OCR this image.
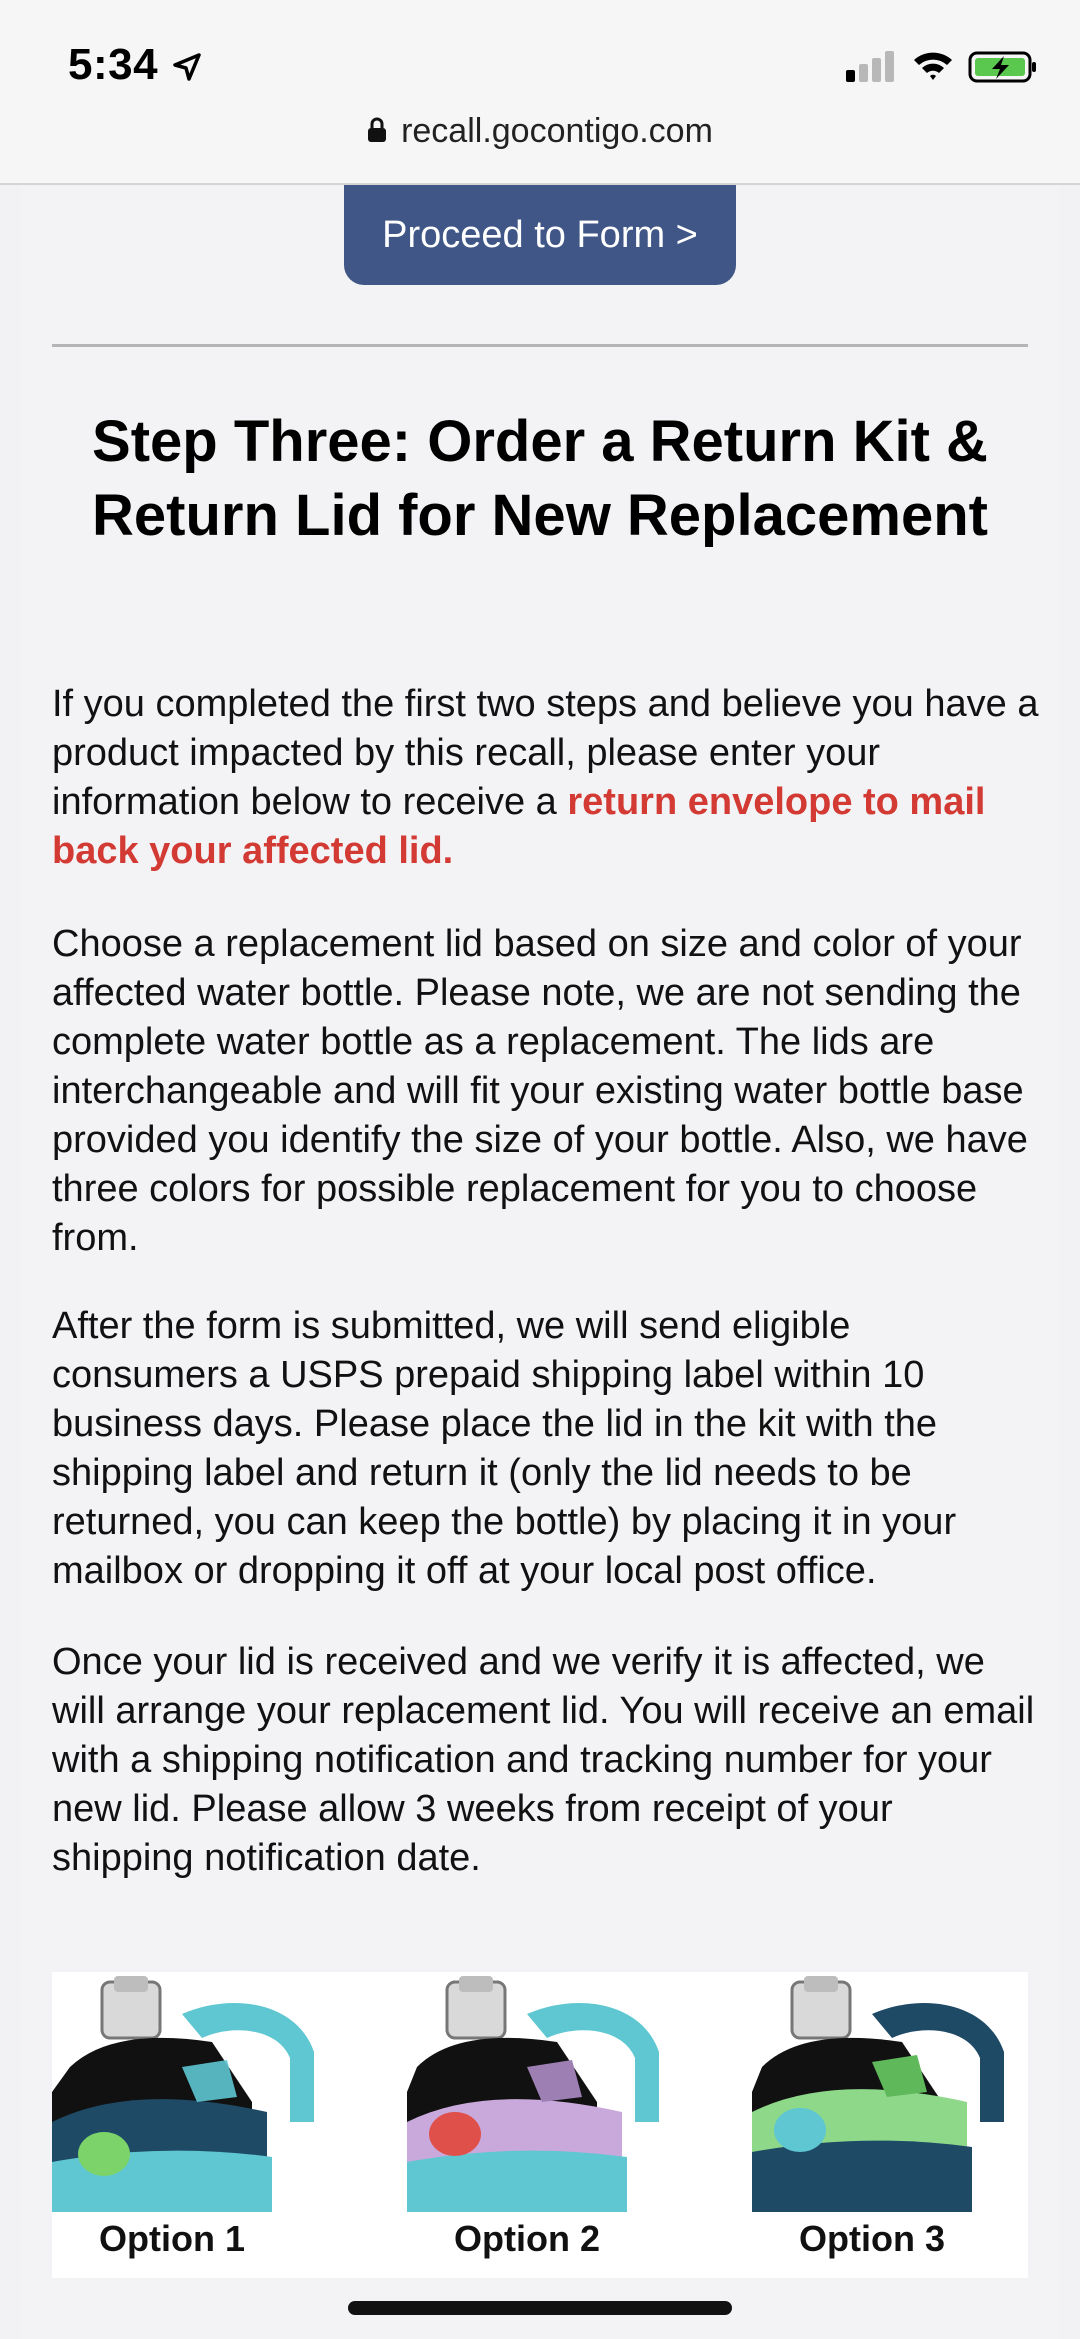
5:34
recall.gocontigo.com
Proceed to Form >
Step Three: Order a Return Kit & Return Lid for New Replacement

If you completed the first two steps and believe you have a product impacted by this recall, please enter your information below to receive a return envelope to mail back your affected lid.

Choose a replacement lid based on size and color of your affected water bottle. Please note, we are not sending the complete water bottle as a replacement. The lids are interchangeable and will fit your existing water bottle base provided you identify the size of your bottle. Also, we have three colors for possible replacement for you to choose from.

After the form is submitted, we will send eligible consumers a USPS prepaid shipping label within 10 business days. Please place the lid in the kit with the shipping label and return it (only the lid needs to be returned, you can keep the bottle) by placing it in your mailbox or dropping it off at your local post office.

Once your lid is received and we verify it is affected, we will arrange your replacement lid. You will receive an email with a shipping notification and tracking number for your new lid. Please allow 3 weeks from receipt of your shipping notification date.

Option 1	Option 2	Option 3
